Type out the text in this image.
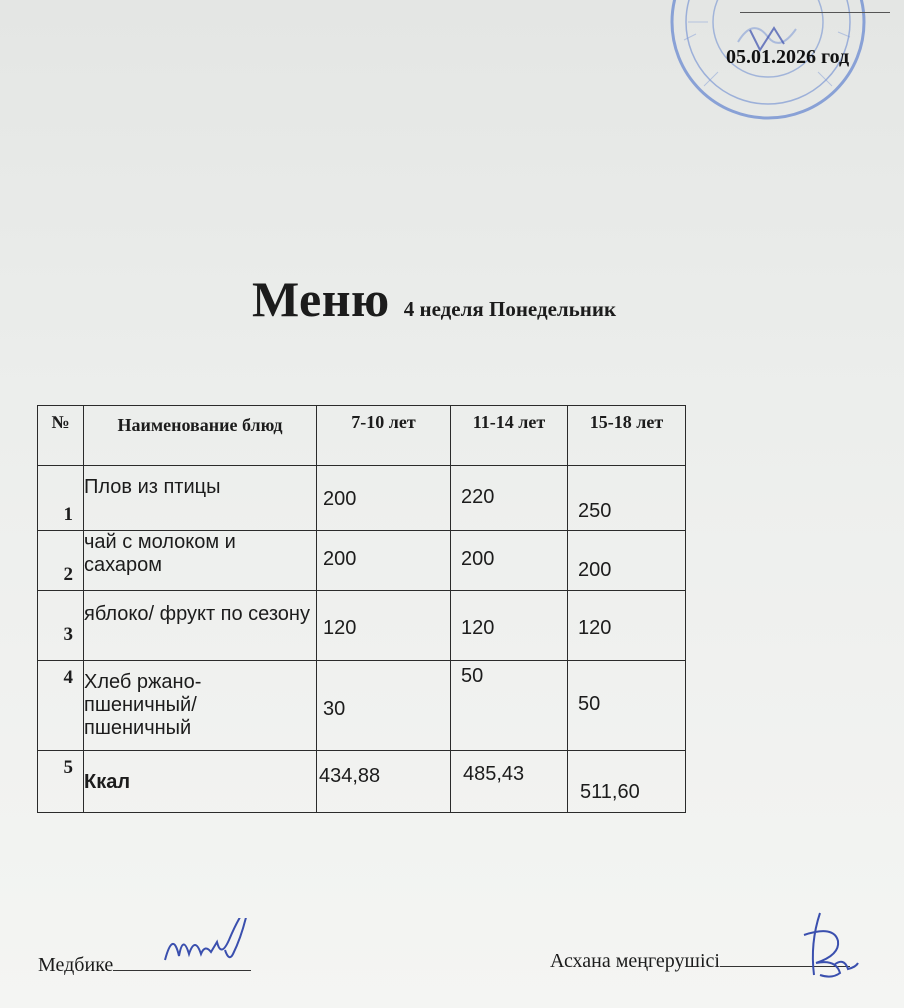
05.01.2026 год
Меню 4 неделя Понедельник
№	Наименование блюд	7-10 лет	11-14 лет	15-18 лет

1	Плов из птицы	200	220	250

2	чай с молоком и сахаром	200	200	200

3	яблоко/ фрукт по сезону	120	120	120

4	Хлеб ржано-пшеничный/ пшеничный	30	50	50

5	Ккал	434,88	485,43	511,60
Медбике	Асхана меңгерушісі
